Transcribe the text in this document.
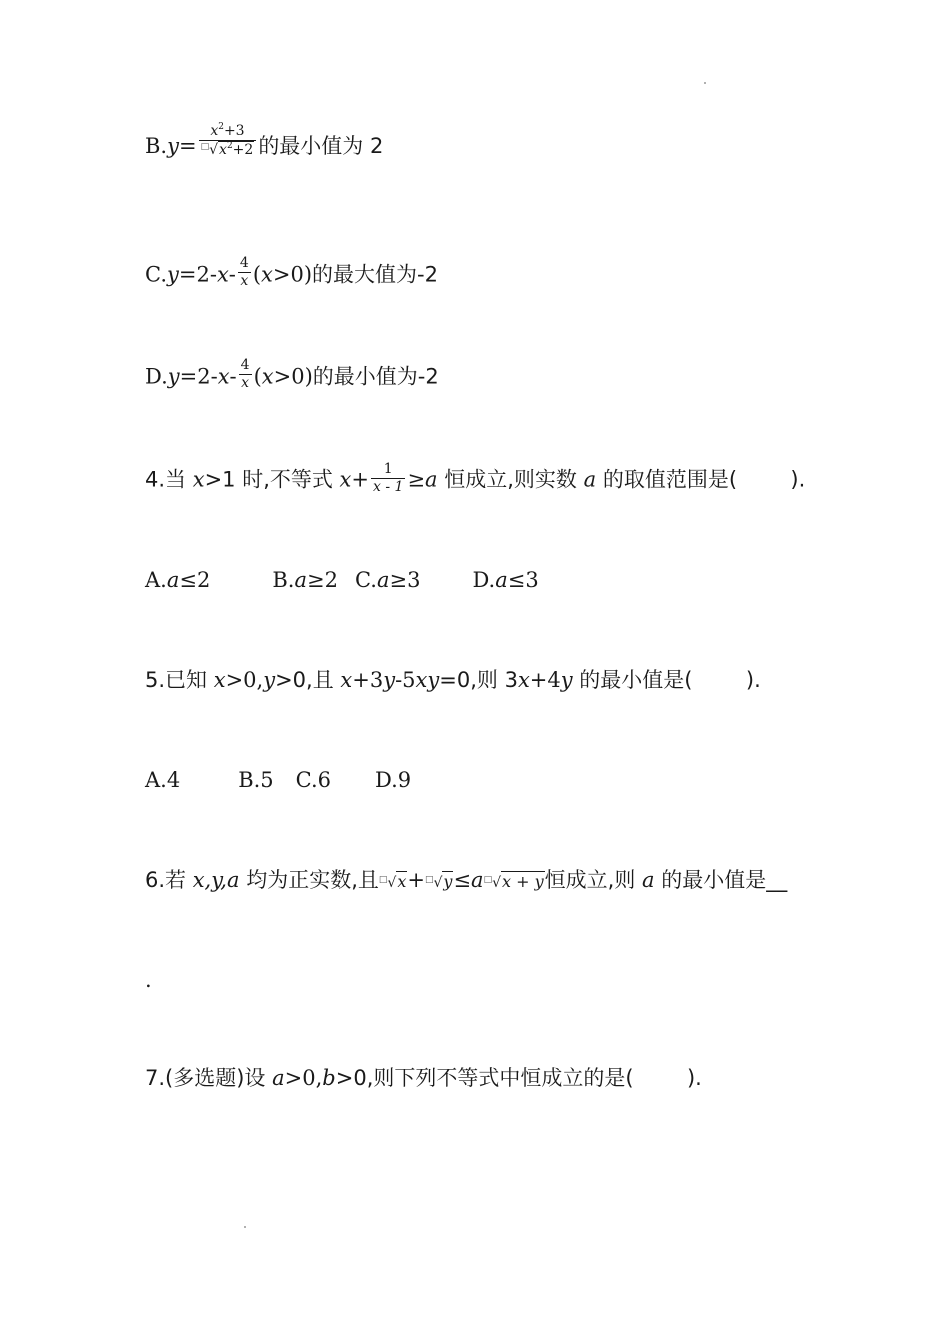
$B.y= \frac{x^2+3}{^□√x^2+2}$ 的最小值为 2
$C.y=2-x- \frac{4}{x} (x>0)$的最大值为-2
$D.y=2-x- \frac{4}{x} (x>0)$的最小值为-2
4.当 x>1 时,不等式 $x+ \frac{1}{x - 1} \ge a$ 恒成立,则实数 a 的取值范围是(        ).
A.a≤2	B.a≥2 C.a≥3 D.a≤3
5.已知 x>0,y>0,且 x+3y-5xy=0,则 3x+4y 的最小值是(        ).
A.4	B.5 C.6 D.9
6.若 x,y,a 均为正实数,且□√x+□√y≤a□√x + y恒成立,则 a 的最小值是__
.
7.(多选题)设 a>0,b>0,则下列不等式中恒成立的是(        ).
